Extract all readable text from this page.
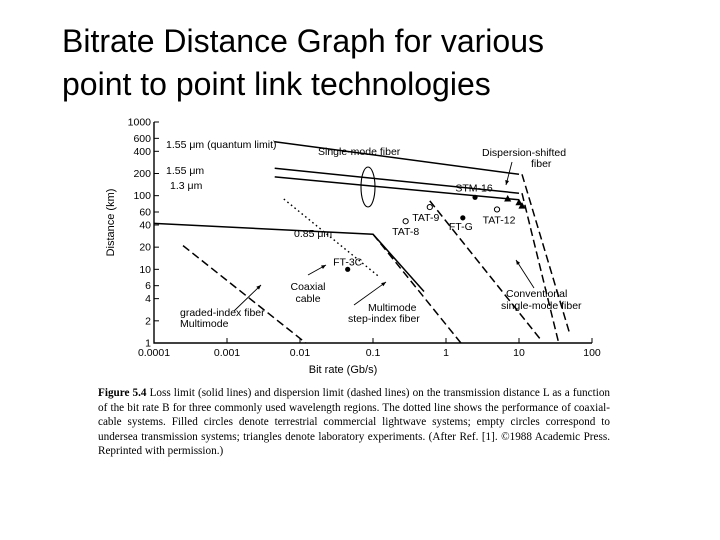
Bitrate Distance Graph for various
point to point link technologies
1
2
4
6
10
20
40
60
100
200
400
600
1000
0.0001	0.001	0.01	0.1	1	10	100
Bit rate (Gb/s)
Distance (km)
STM-16
TAT-9	TAT-12
TAT-8	FT-G
FT-3C
Single-mode fiber	Dispersion-shifted
fiber
1.55 μm (quantum limit)
1.55 μm
1.3 μm
0.85 μm
Coaxial
cable
Multimode
graded-index fiber
Multimode	step-index fiber
Conventional
single-mode fiber

Figure 5.4 Loss limit (solid lines) and dispersion limit (dashed lines) on the transmission distance L as a function of the bit rate B for three commonly used wavelength regions. The dotted line shows the performance of coaxial-cable systems. Filled circles denote terrestrial commercial lightwave systems; empty circles correspond to undersea transmission systems; triangles denote laboratory experiments. (After Ref. [1]. ©1988 Academic Press. Reprinted with permission.)
